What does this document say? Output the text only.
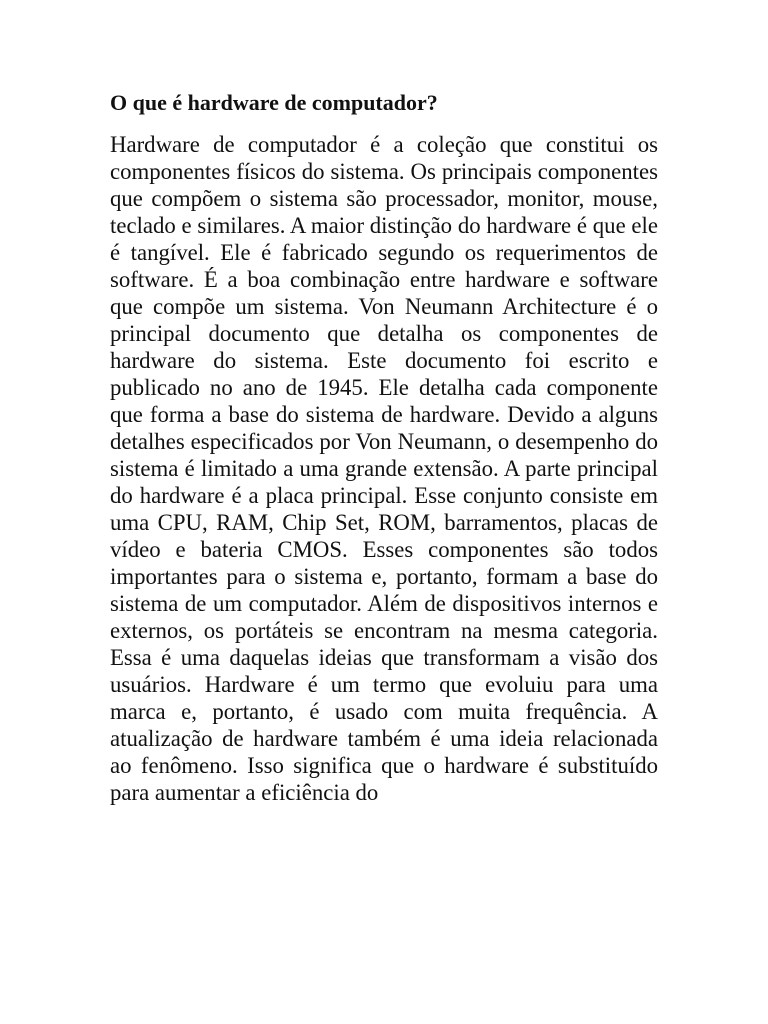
O que é hardware de computador?

Hardware de computador é a coleção que constitui os componentes físicos do sistema. Os principais componentes que compõem o sistema são processador, monitor, mouse, teclado e similares. A maior distinção do hardware é que ele é tangível. Ele é fabricado segundo os requerimentos de software. É a boa combinação entre hardware e software que compõe um sistema. Von Neumann Architecture é o principal documento que detalha os componentes de hardware do sistema. Este documento foi escrito e publicado no ano de 1945. Ele detalha cada componente que forma a base do sistema de hardware. Devido a alguns detalhes especificados por Von Neumann, o desempenho do sistema é limitado a uma grande extensão. A parte principal do hardware é a placa principal. Esse conjunto consiste em uma CPU, RAM, Chip Set, ROM, barramentos, placas de vídeo e bateria CMOS. Esses componentes são todos importantes para o sistema e, portanto, formam a base do sistema de um computador. Além de dispositivos internos e externos, os portáteis se encontram na mesma categoria. Essa é uma daquelas ideias que transformam a visão dos usuários. Hardware é um termo que evoluiu para uma marca e, portanto, é usado com muita frequência. A atualização de hardware também é uma ideia relacionada ao fenômeno. Isso significa que o hardware é substituído para aumentar a eficiência do
